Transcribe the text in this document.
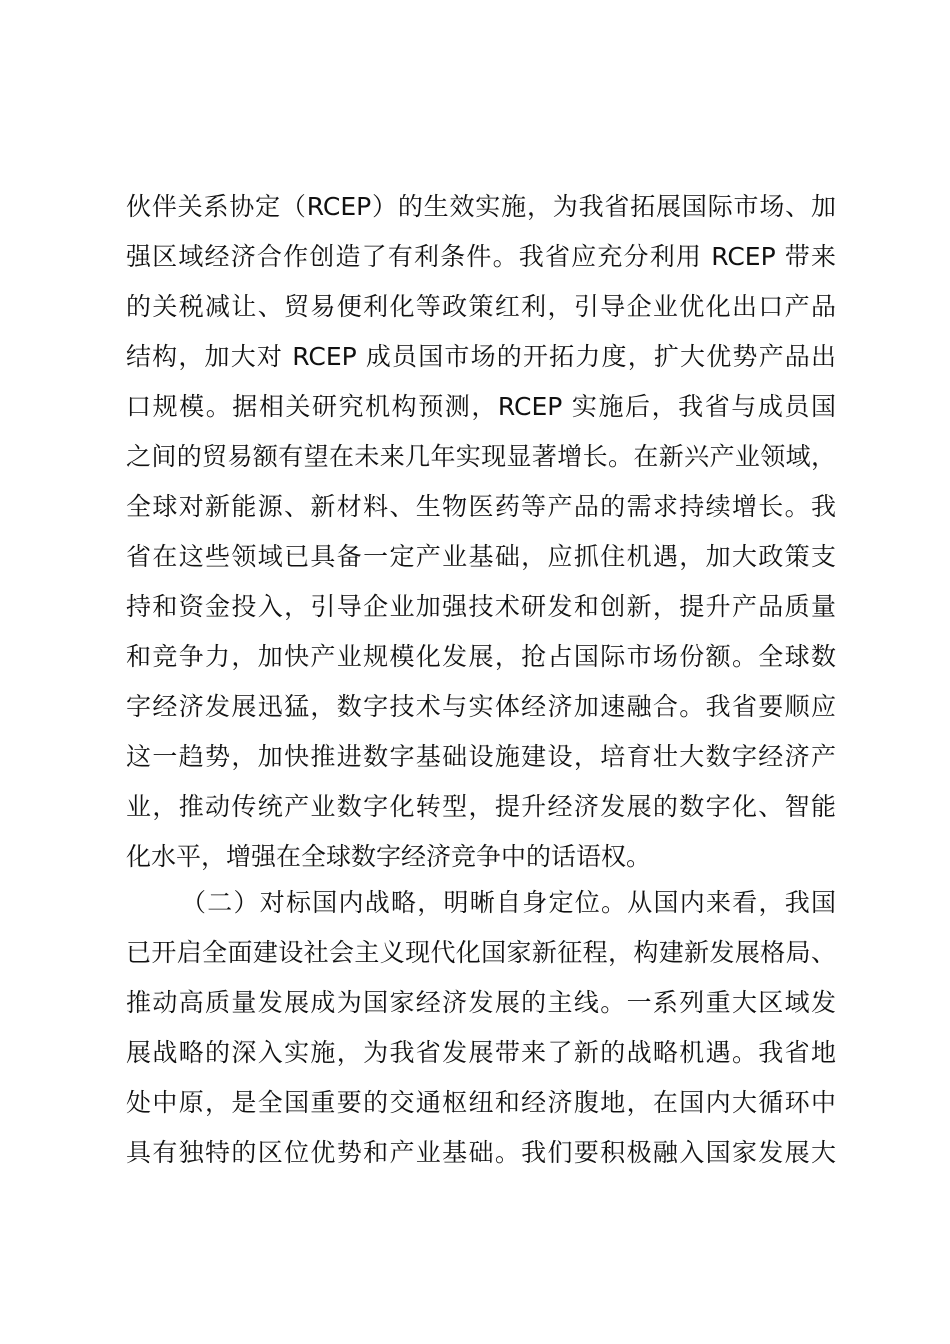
伙伴关系协定（RCEP）的生效实施，为我省拓展国际市场、加
强区域经济合作创造了有利条件。我省应充分利用 RCEP 带来
的关税减让、贸易便利化等政策红利，引导企业优化出口产品
结构，加大对 RCEP 成员国市场的开拓力度，扩大优势产品出
口规模。据相关研究机构预测，RCEP 实施后，我省与成员国
之间的贸易额有望在未来几年实现显著增长。在新兴产业领域，
全球对新能源、新材料、生物医药等产品的需求持续增长。我
省在这些领域已具备一定产业基础，应抓住机遇，加大政策支
持和资金投入，引导企业加强技术研发和创新，提升产品质量
和竞争力，加快产业规模化发展，抢占国际市场份额。全球数
字经济发展迅猛，数字技术与实体经济加速融合。我省要顺应
这一趋势，加快推进数字基础设施建设，培育壮大数字经济产
业，推动传统产业数字化转型，提升经济发展的数字化、智能
化水平，增强在全球数字经济竞争中的话语权。
（二）对标国内战略，明晰自身定位。从国内来看，我国
已开启全面建设社会主义现代化国家新征程，构建新发展格局、
推动高质量发展成为国家经济发展的主线。一系列重大区域发
展战略的深入实施，为我省发展带来了新的战略机遇。我省地
处中原，是全国重要的交通枢纽和经济腹地，在国内大循环中
具有独特的区位优势和产业基础。我们要积极融入国家发展大
